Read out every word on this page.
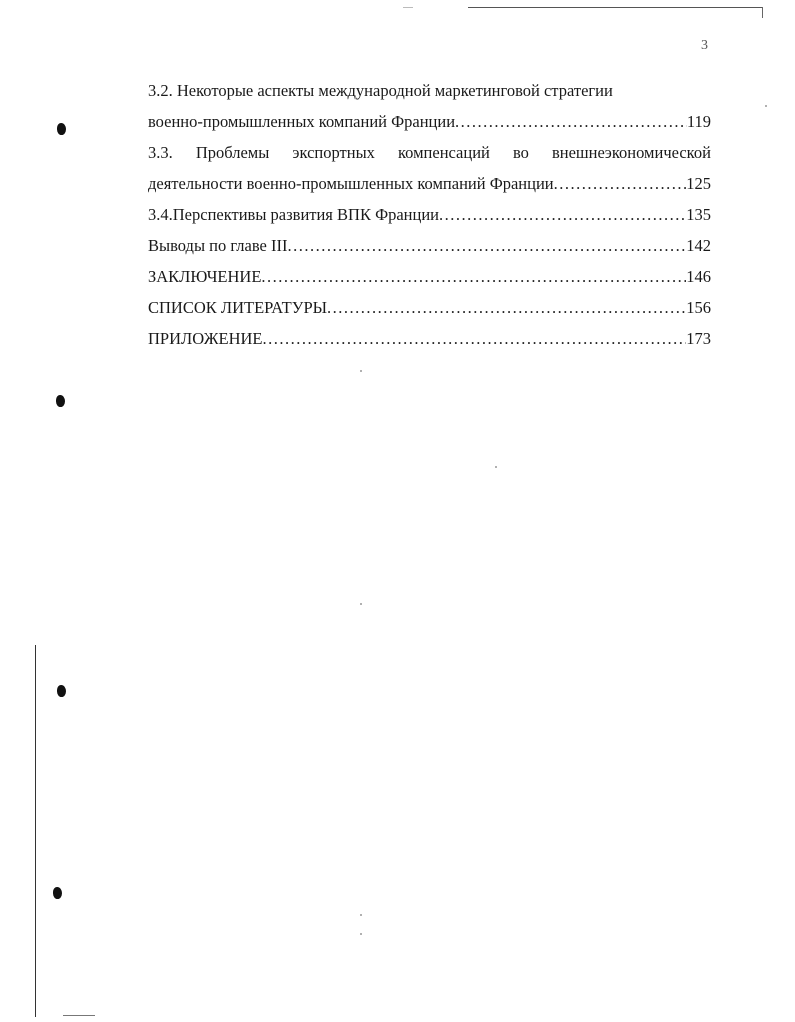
3
3.2. Некоторые аспекты международной маркетинговой стратегии
военно-промышленных компаний Франции .....	119
3.3. Проблемы экспортных компенсаций во внешнеэкономической
деятельности военно-промышленных компаний Франции .....	125
3.4.Перспективы развития ВПК Франции .....	135
Выводы по главе III .....	142
ЗАКЛЮЧЕНИЕ .....	146
СПИСОК ЛИТЕРАТУРЫ .....	156
ПРИЛОЖЕНИЕ .....	173
